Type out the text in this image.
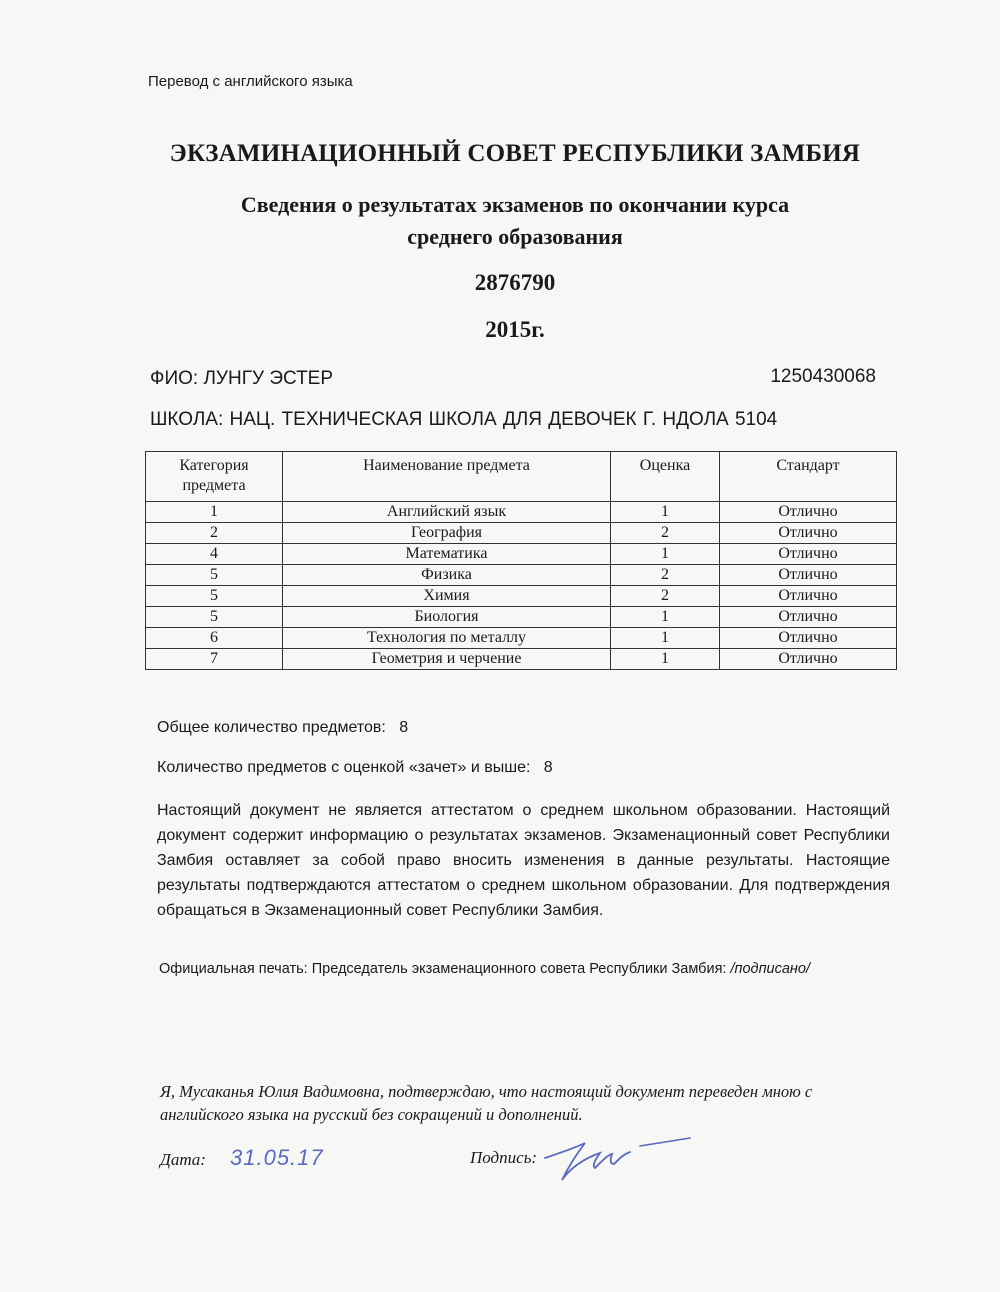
Перевод с английского языка
ЭКЗАМИНАЦИОННЫЙ СОВЕТ РЕСПУБЛИКИ ЗАМБИЯ
Сведения о результатах экзаменов по окончании курса
среднего образования
2876790
2015г.
ФИО: ЛУНГУ ЭСТЕР	1250430068
ШКОЛА: НАЦ. ТЕХНИЧЕСКАЯ ШКОЛА ДЛЯ ДЕВОЧЕК Г. НДОЛА 5104
Категория предмета	Наименование предмета	Оценка	Стандарт
1	Английский язык	1	Отлично
2	География	2	Отлично
4	Математика	1	Отлично
5	Физика	2	Отлично
5	Химия	2	Отлично
5	Биология	1	Отлично
6	Технология по металлу	1	Отлично
7	Геометрия и черчение	1	Отлично
Общее количество предметов: 8
Количество предметов с оценкой «зачет» и выше: 8
Настоящий документ не является аттестатом о среднем школьном образовании. Настоящий документ содержит информацию о результатах экзаменов. Экзаменационный совет Республики Замбия оставляет за собой право вносить изменения в данные результаты. Настоящие результаты подтверждаются аттестатом о среднем школьном образовании. Для подтверждения обращаться в Экзаменационный совет Республики Замбия.
Официальная печать: Председатель экзаменационного совета Республики Замбия: /подписано/
Я, Мусаканья Юлия Вадимовна, подтверждаю, что настоящий документ переведен мною с английского языка на русский без сокращений и дополнений.
Дата: 31.05.17	Подпись:
